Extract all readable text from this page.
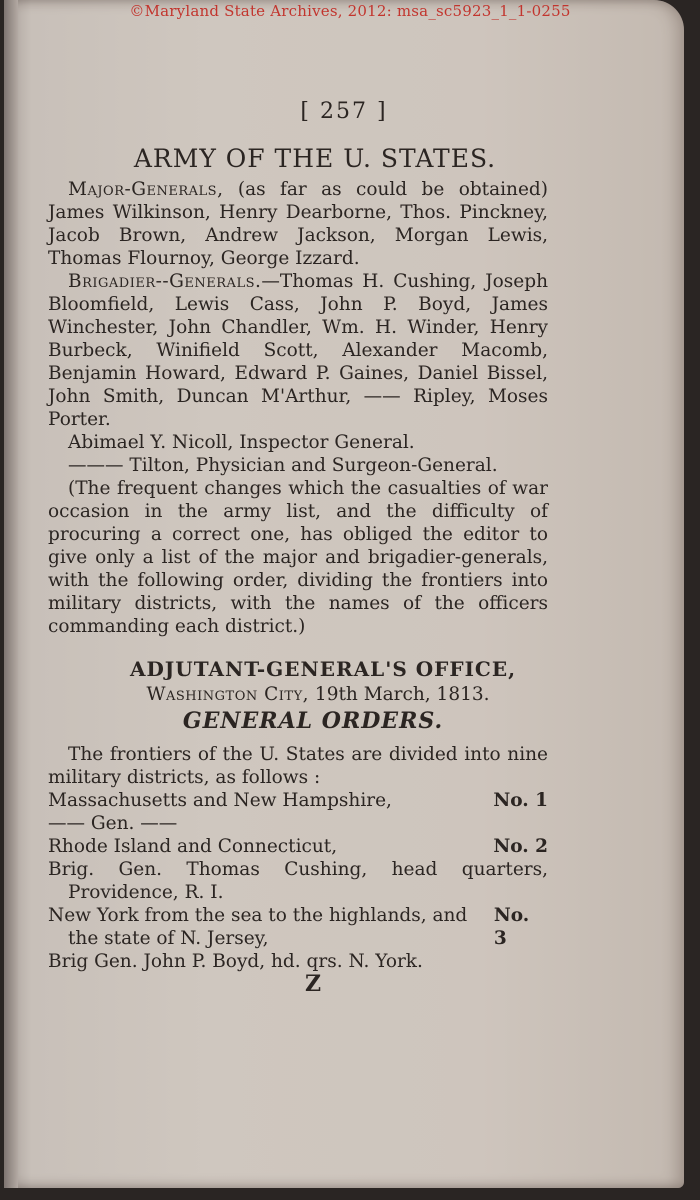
©Maryland State Archives, 2012: msa_sc5923_1_1-0255
[ 257 ]
ARMY OF THE U. STATES.

Major-Generals, (as far as could be obtained) James Wilkinson, Henry Dearborne, Thos. Pinckney, Jacob Brown, Andrew Jackson, Morgan Lewis, Thomas Flournoy, George Izzard.

Brigadier--Generals.—Thomas H. Cushing, Joseph Bloomfield, Lewis Cass, John P. Boyd, James Winchester, John Chandler, Wm. H. Winder, Henry Burbeck, Winifield Scott, Alexander Macomb, Benjamin Howard, Edward P. Gaines, Daniel Bissel, John Smith, Duncan M'Arthur, —— Ripley, Moses Porter.

Abimael Y. Nicoll, Inspector General.

——— Tilton, Physician and Surgeon-General.

(The frequent changes which the casualties of war occasion in the army list, and the difficulty of procuring a correct one, has obliged the editor to give only a list of the major and brigadier-generals, with the following order, dividing the frontiers into military districts, with the names of the officers commanding each district.)

ADJUTANT-GENERAL'S OFFICE,
Washington City, 19th March, 1813.
GENERAL ORDERS.

The frontiers of the U. States are divided into nine military districts, as follows :

Massachusetts and New Hampshire,	No. 1

—— Gen. ——

Rhode Island and Connecticut,	No. 2

Brig. Gen. Thomas Cushing, head quarters, Providence, R. I.

New York from the sea to the highlands, and the state of N. Jersey,
No. 3

Brig Gen. John P. Boyd, hd. qrs. N. York.

Z
